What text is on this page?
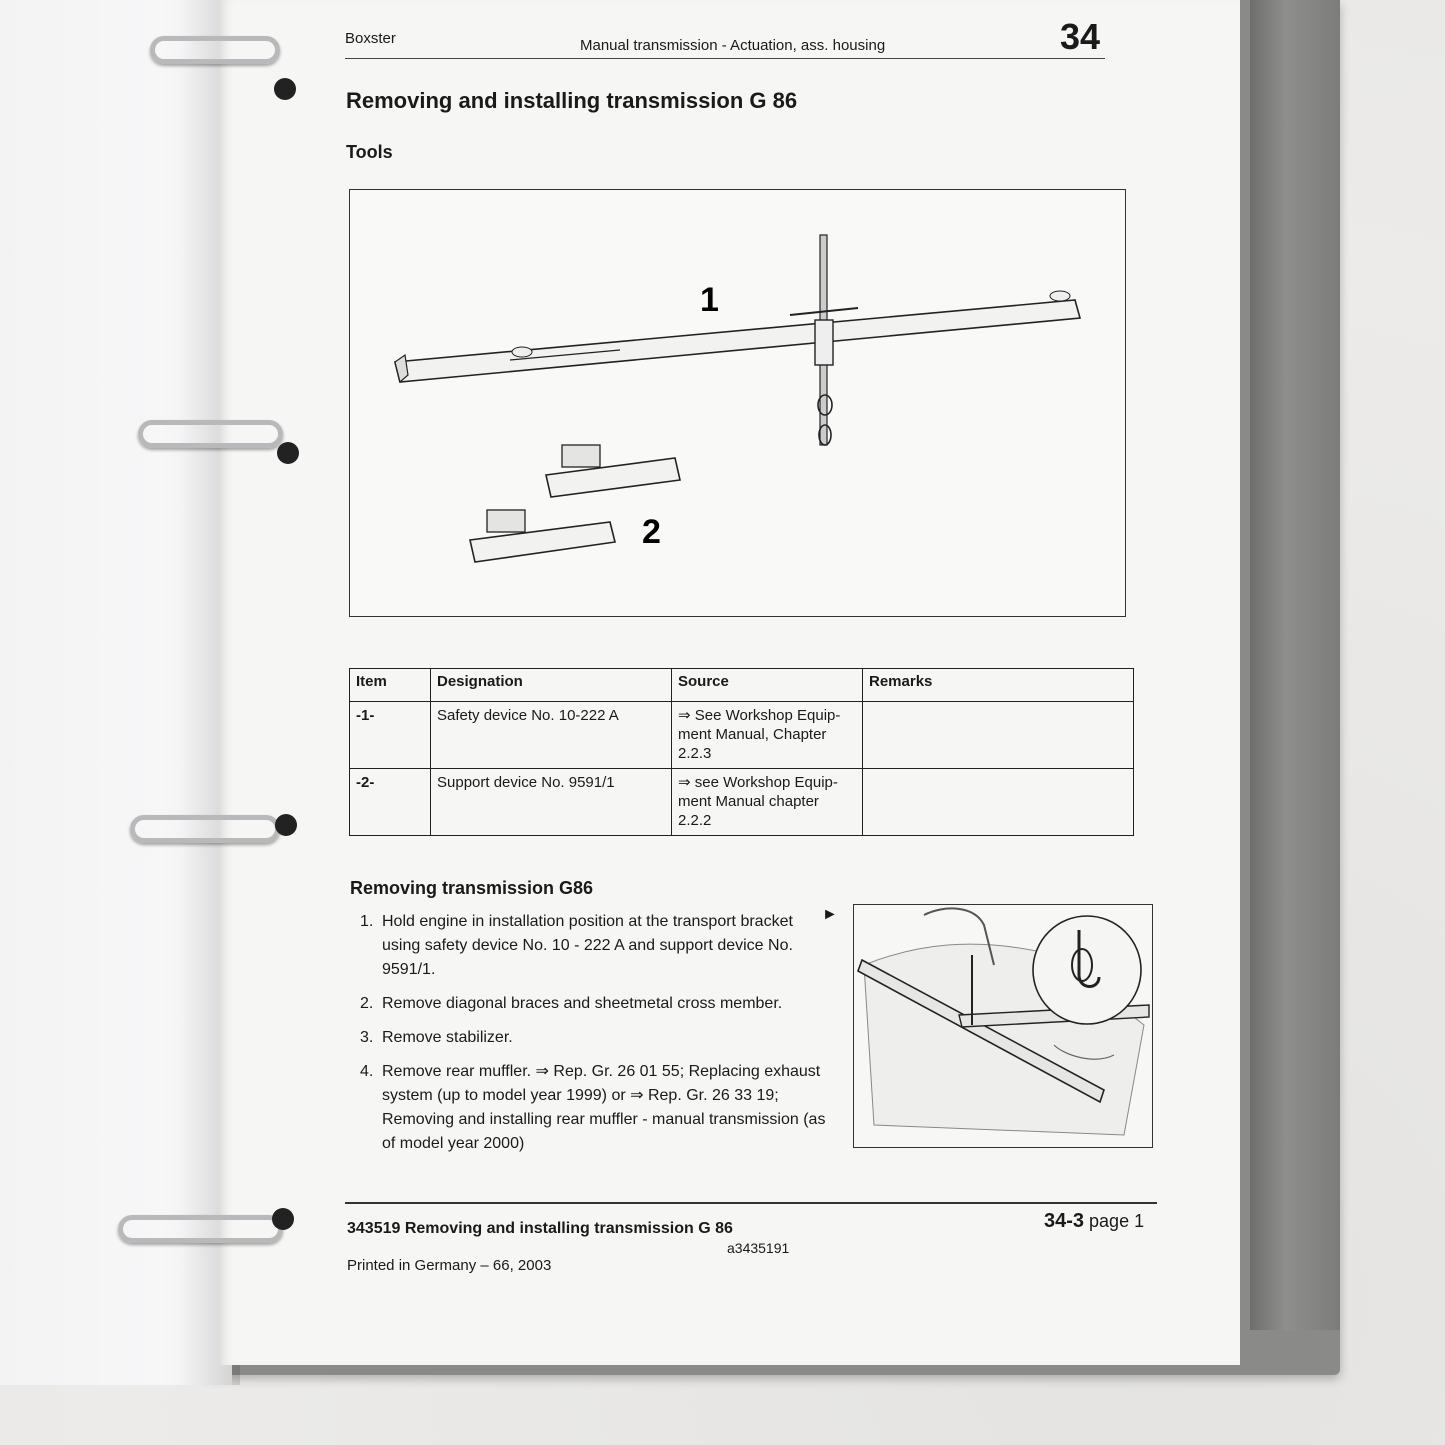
Boxster	Manual transmission - Actuation, ass. housing	34
Removing and installing transmission G 86
Tools
1
2
Item	Designation	Source	Remarks
-1-	Safety device No. 10-222 A	⇒ See Workshop Equip-ment Manual, Chapter 2.2.3	
-2-	Support device No. 9591/1	⇒ see Workshop Equip-ment Manual chapter 2.2.2	
Removing transmission G86
1. Hold engine in installation position at the transport bracket using safety device No. 10 - 222 A and support device No. 9591/1.
2. Remove diagonal braces and sheetmetal cross member.
3. Remove stabilizer.
4. Remove rear muffler. ⇒ Rep. Gr. 26 01 55; Replacing exhaust system (up to model year 1999) or ⇒ Rep. Gr. 26 33 19; Removing and installing rear muffler - manual transmission (as of model year 2000)
►
343519 Removing and installing transmission G 86
Printed in Germany – 66, 2003
a3435191
34-3 page 1
